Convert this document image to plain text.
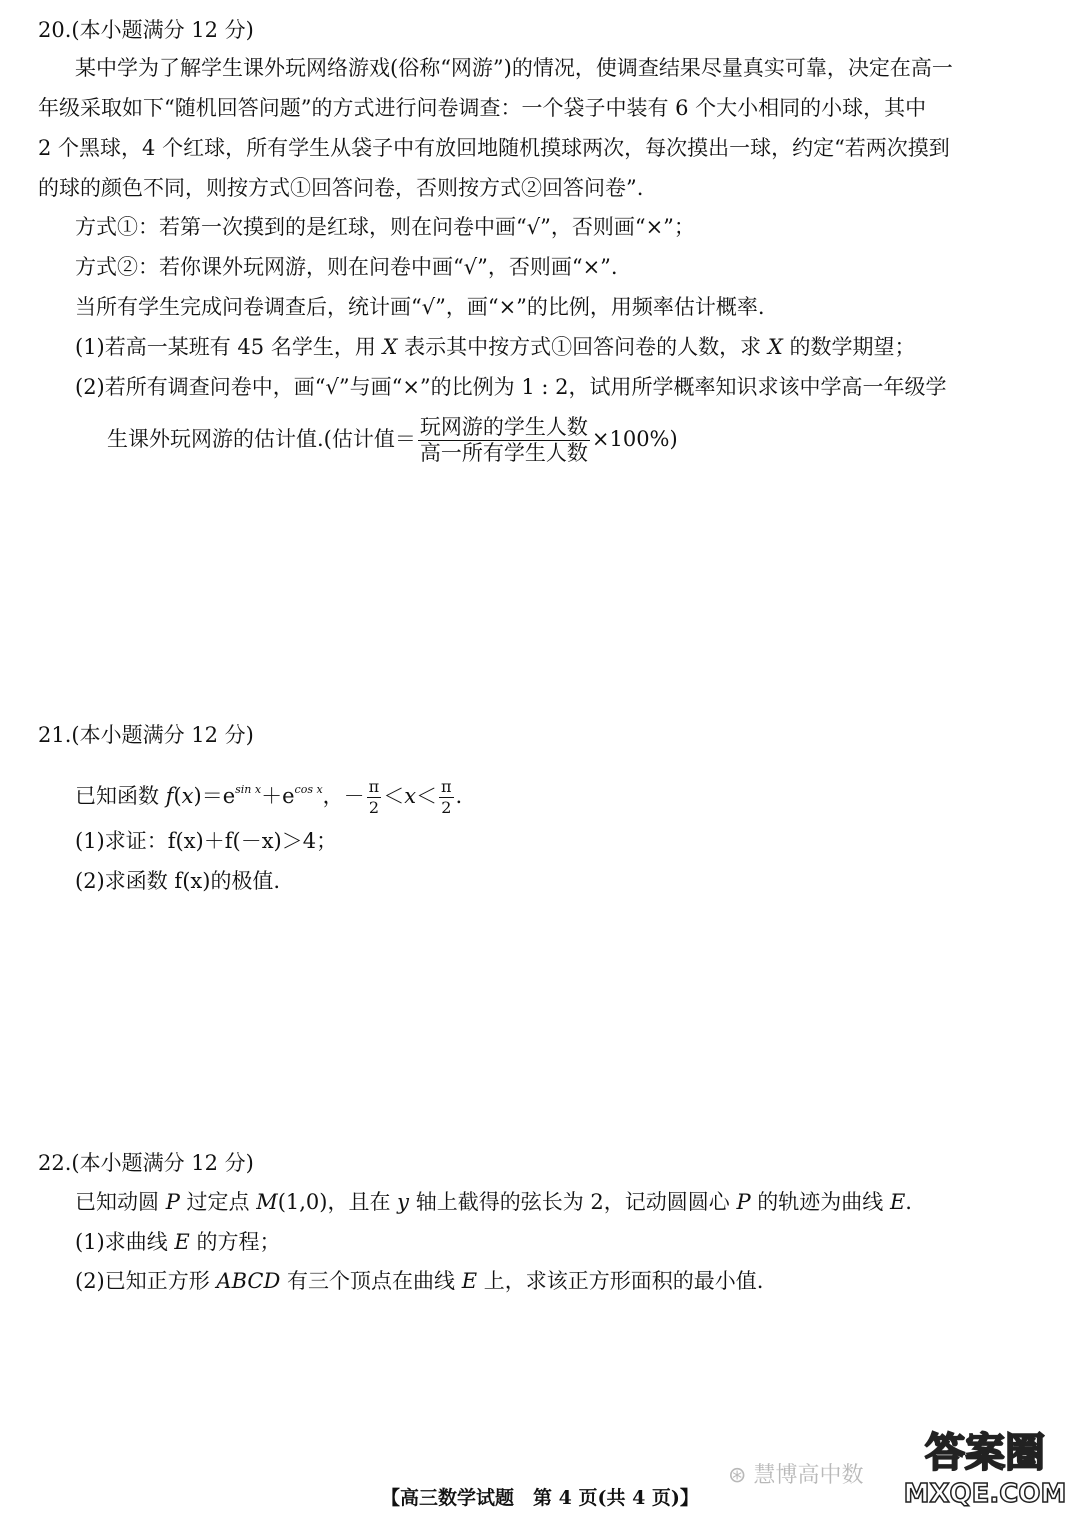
20.(本小题满分 12 分)
某中学为了解学生课外玩网络游戏(俗称“网游”)的情况，使调查结果尽量真实可靠，决定在高一
年级采取如下“随机回答问题”的方式进行问卷调查：一个袋子中装有 6 个大小相同的小球，其中
2 个黑球，4 个红球，所有学生从袋子中有放回地随机摸球两次，每次摸出一球，约定“若两次摸到
的球的颜色不同，则按方式①回答问卷，否则按方式②回答问卷”.
方式①：若第一次摸到的是红球，则在问卷中画“√”，否则画“×”；
方式②：若你课外玩网游，则在问卷中画“√”，否则画“×”.
当所有学生完成问卷调查后，统计画“√”，画“×”的比例，用频率估计概率.
(1)若高一某班有 45 名学生，用 X 表示其中按方式①回答问卷的人数，求 X 的数学期望；
(2)若所有调查问卷中，画“√”与画“×”的比例为 1 : 2，试用所学概率知识求该中学高一年级学
生课外玩网游的估计值.(估计值＝ $\frac{\text{玩网游的学生人数}}{\text{高一所有学生人数}} \times 100\%$)
21.(本小题满分 12 分)
已知函数 $f(x)=e^{sin x}+e^{cos x}$，－ $\frac{\pi}{2} <x< \frac{\pi}{2}$ .
(1)求证：f(x)＋f(－x)＞4；
(2)求函数 f(x)的极值.
22.(本小题满分 12 分)
已知动圆 P 过定点 M(1,0)，且在 y 轴上截得的弦长为 2，记动圆圆心 P 的轨迹为曲线 E.
(1)求曲线 E 的方程；
(2)已知正方形 ABCD 有三个顶点在曲线 E 上，求该正方形面积的最小值.
⊛ 慧博高中数 答案圈
MXQE.COM
【高三数学试题　第 4 页(共 4 页)】
